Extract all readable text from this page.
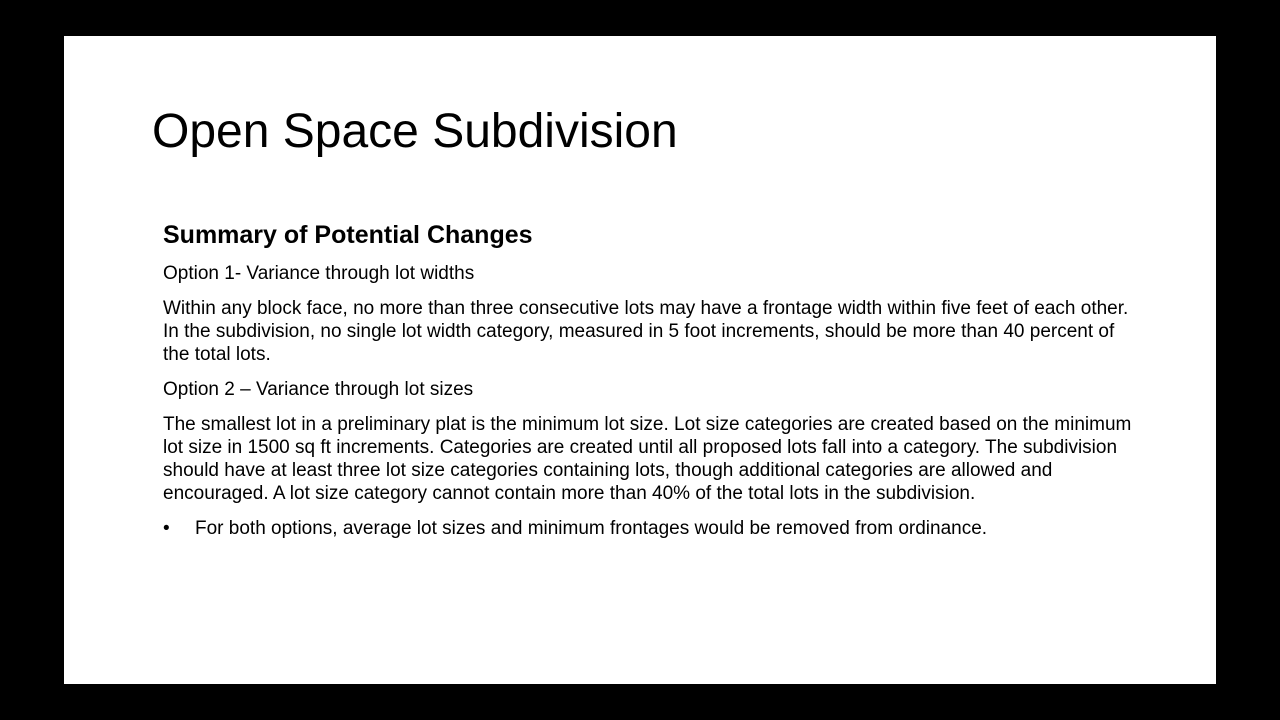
Open Space Subdivision
Summary of Potential Changes

Option 1- Variance through lot widths

Within any block face, no more than three consecutive lots may have a frontage width within five feet of each other. In the subdivision, no single lot width category, measured in 5 foot increments, should be more than 40 percent of the total lots.

Option 2 – Variance through lot sizes

The smallest lot in a preliminary plat is the minimum lot size. Lot size categories are created based on the minimum lot size in 1500 sq ft increments. Categories are created until all proposed lots fall into a category. The subdivision should have at least three lot size categories containing lots, though additional categories are allowed and encouraged. A lot size category cannot contain more than 40% of the total lots in the subdivision.

• For both options, average lot sizes and minimum frontages would be removed from ordinance.
